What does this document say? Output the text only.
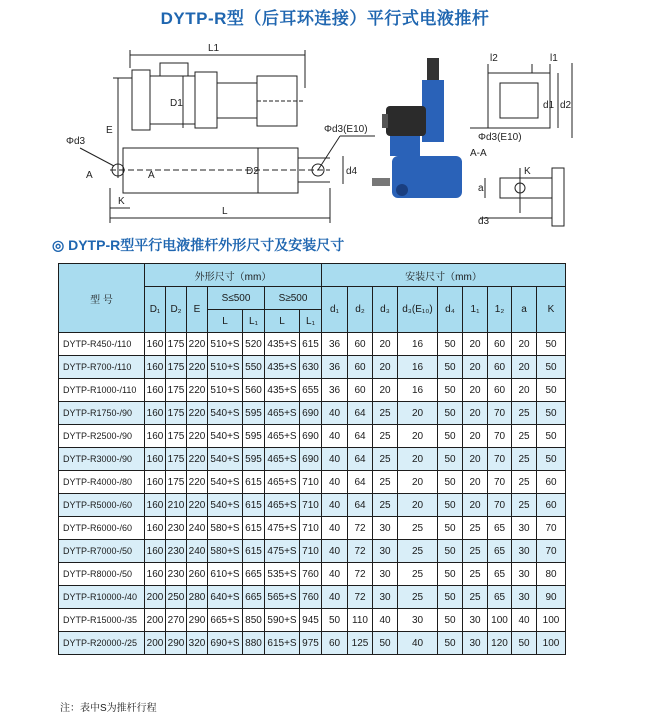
DYTP-R型（后耳环连接）平行式电液推杆
L1
D1
E
Φd3
A	A	D2
K
L
Φd3(E10)
d4
l2	l1
d1 d2
Φd3(E10)
A-A
K
a
d3
◎ DYTP-R型平行电液推杆外形尺寸及安装尺寸
型 号	外形尺寸（mm）							安装尺寸（mm）								
	D₁	D₂	E	S≤500		S≥500		d₁	d₂	d₃	d₃(E₁₀)	d₄	1₁	1₂	a	K
				L	L₁	L	L₁									
DYTP-R450-/110	160	175	220	510+S	520	435+S	615	36	60	20	16	50	20	60	20	50
DYTP-R700-/110	160	175	220	510+S	550	435+S	630	36	60	20	16	50	20	60	20	50
DYTP-R1000-/110	160	175	220	510+S	560	435+S	655	36	60	20	16	50	20	60	20	50
DYTP-R1750-/90	160	175	220	540+S	595	465+S	690	40	64	25	20	50	20	70	25	50
DYTP-R2500-/90	160	175	220	540+S	595	465+S	690	40	64	25	20	50	20	70	25	50
DYTP-R3000-/90	160	175	220	540+S	595	465+S	690	40	64	25	20	50	20	70	25	50
DYTP-R4000-/80	160	175	220	540+S	615	465+S	710	40	64	25	20	50	20	70	25	60
DYTP-R5000-/60	160	210	220	540+S	615	465+S	710	40	64	25	20	50	20	70	25	60
DYTP-R6000-/60	160	230	240	580+S	615	475+S	710	40	72	30	25	50	25	65	30	70
DYTP-R7000-/50	160	230	240	580+S	615	475+S	710	40	72	30	25	50	25	65	30	70
DYTP-R8000-/50	160	230	260	610+S	665	535+S	760	40	72	30	25	50	25	65	30	80
DYTP-R10000-/40	200	250	280	640+S	665	565+S	760	40	72	30	25	50	25	65	30	90
DYTP-R15000-/35	200	270	290	665+S	850	590+S	945	50	110	40	30	50	30	100	40	100
DYTP-R20000-/25	200	290	320	690+S	880	615+S	975	60	125	50	40	50	30	120	50	100
注：表中S为推杆行程
